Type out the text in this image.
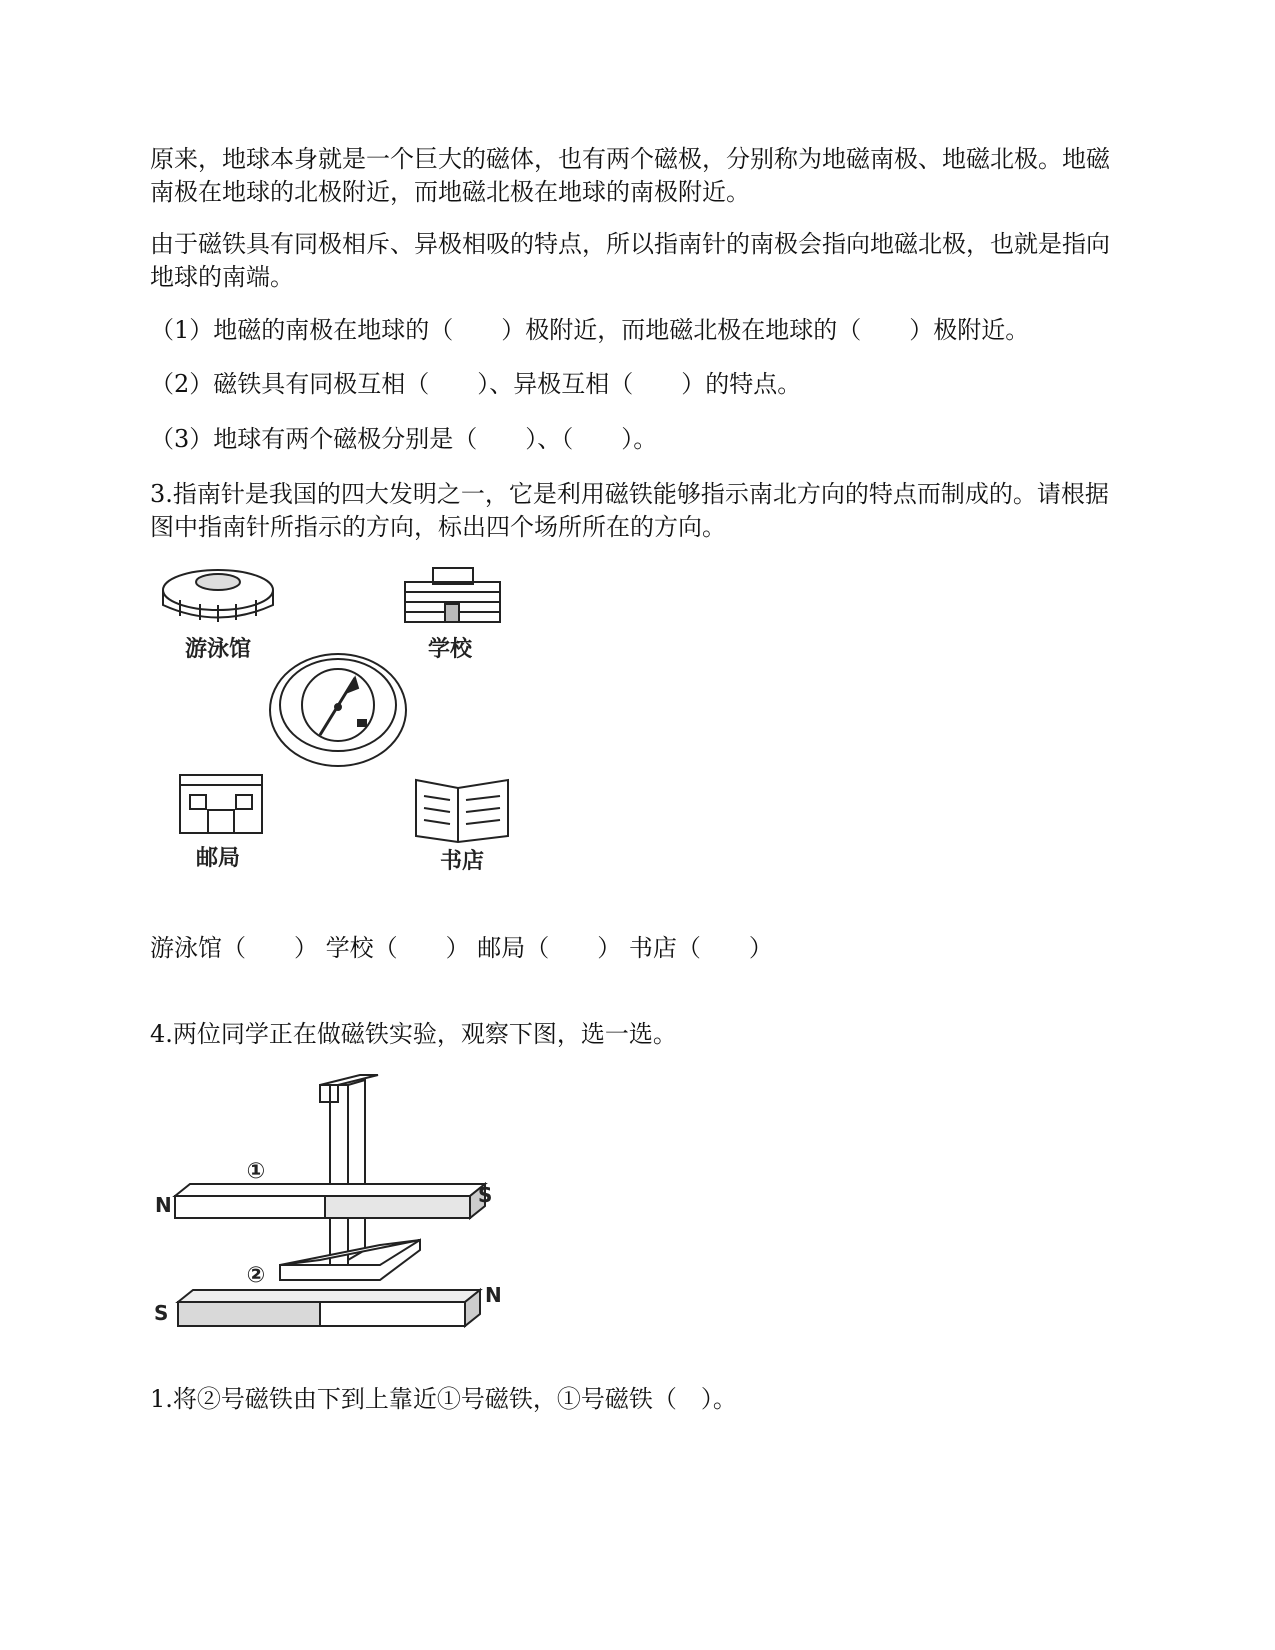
原来，地球本身就是一个巨大的磁体，也有两个磁极，分别称为地磁南极、地磁北极。地磁南极在地球的北极附近，而地磁北极在地球的南极附近。

由于磁铁具有同极相斥、异极相吸的特点，所以指南针的南极会指向地磁北极，也就是指向地球的南端。

（1）地磁的南极在地球的（　　）极附近，而地磁北极在地球的（　　）极附近。

（2）磁铁具有同极互相（　　）、异极互相（　　）的特点。

（3）地球有两个磁极分别是（　　）、（　　）。

3.指南针是我国的四大发明之一，它是利用磁铁能够指示南北方向的特点而制成的。请根据图中指南针所指示的方向，标出四个场所所在的方向。

游泳馆	学校
邮局	书店

游泳馆（　　） 学校（　　） 邮局（　　） 书店（　　）

4.两位同学正在做磁铁实验，观察下图，选一选。

①
N	S
②
S
N

1.将②号磁铁由下到上靠近①号磁铁，①号磁铁（　）。
